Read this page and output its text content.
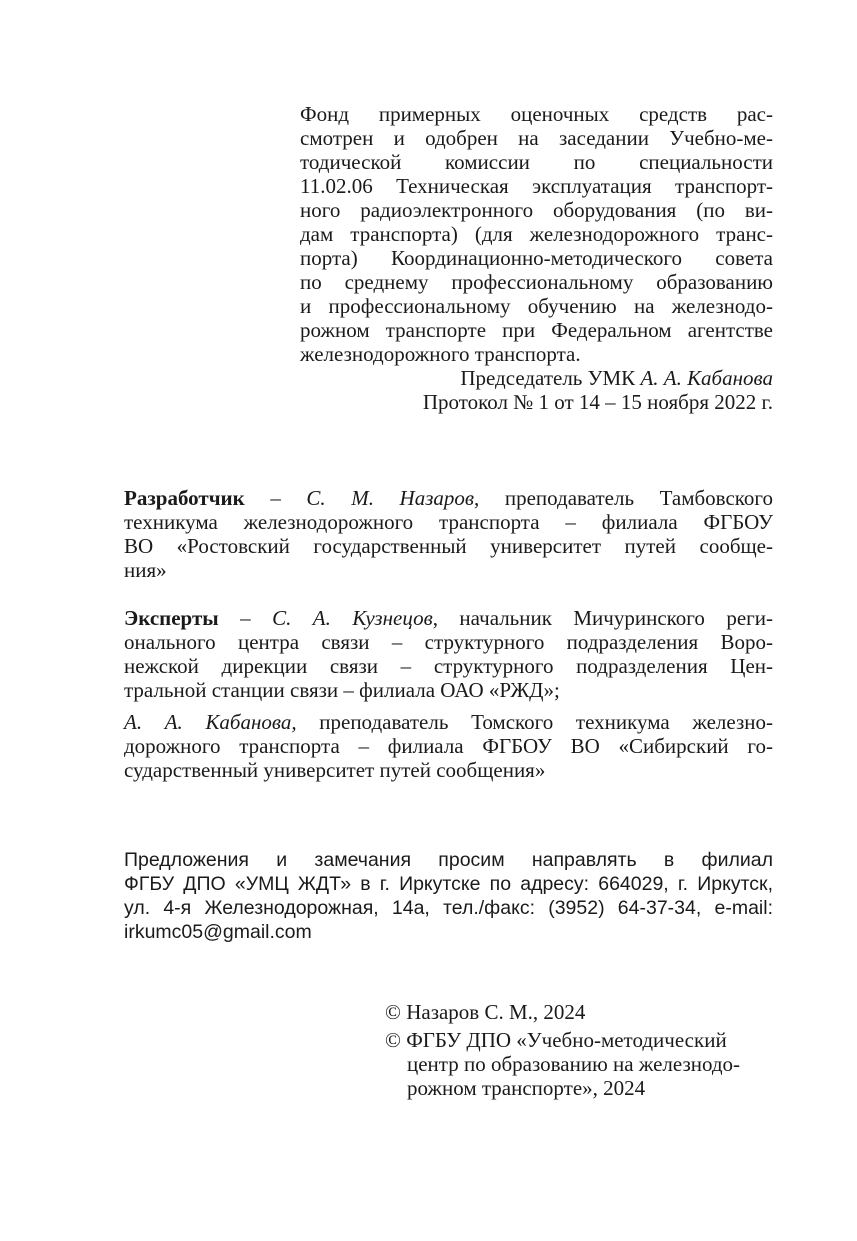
Фонд примерных оценочных средств рас-
смотрен и одобрен на заседании Учебно-ме-
тодической комиссии по специальности
11.02.06 Техническая эксплуатация транспорт-
ного радиоэлектронного оборудования (по ви-
дам транспорта) (для железнодорожного транс-
порта) Координационно-методического совета
по среднему профессиональному образованию
и профессиональному обучению на железнодо-
рожном транспорте при Федеральном агентстве
железнодорожного транспорта.
Председатель УМК А. А. Кабанова
Протокол № 1 от 14 – 15 ноября 2022 г.
Разработчик – С. М. Назаров, преподаватель Тамбовского
техникума железнодорожного транспорта – филиала ФГБОУ
ВО «Ростовский государственный университет путей сообще-
ния»
Эксперты – С. А. Кузнецов, начальник Мичуринского реги-
онального центра связи – структурного подразделения Воро-
нежской дирекции связи – структурного подразделения Цен-
тральной станции связи – филиала ОАО «РЖД»;
А. А. Кабанова, преподаватель Томского техникума железно-
дорожного транспорта – филиала ФГБОУ ВО «Сибирский го-
сударственный университет путей сообщения»
Предложения и замечания просим направлять в филиал
ФГБУ ДПО «УМЦ ЖДТ» в г. Иркутске по адресу: 664029, г. Иркутск,
ул. 4-я Железнодорожная, 14а, тел./факс: (3952) 64-37-34, e-mail:
irkumc05@gmail.com
© Назаров С. М., 2024
© ФГБУ ДПО «Учебно-методический
центр по образованию на железнодо-
рожном транспорте», 2024
